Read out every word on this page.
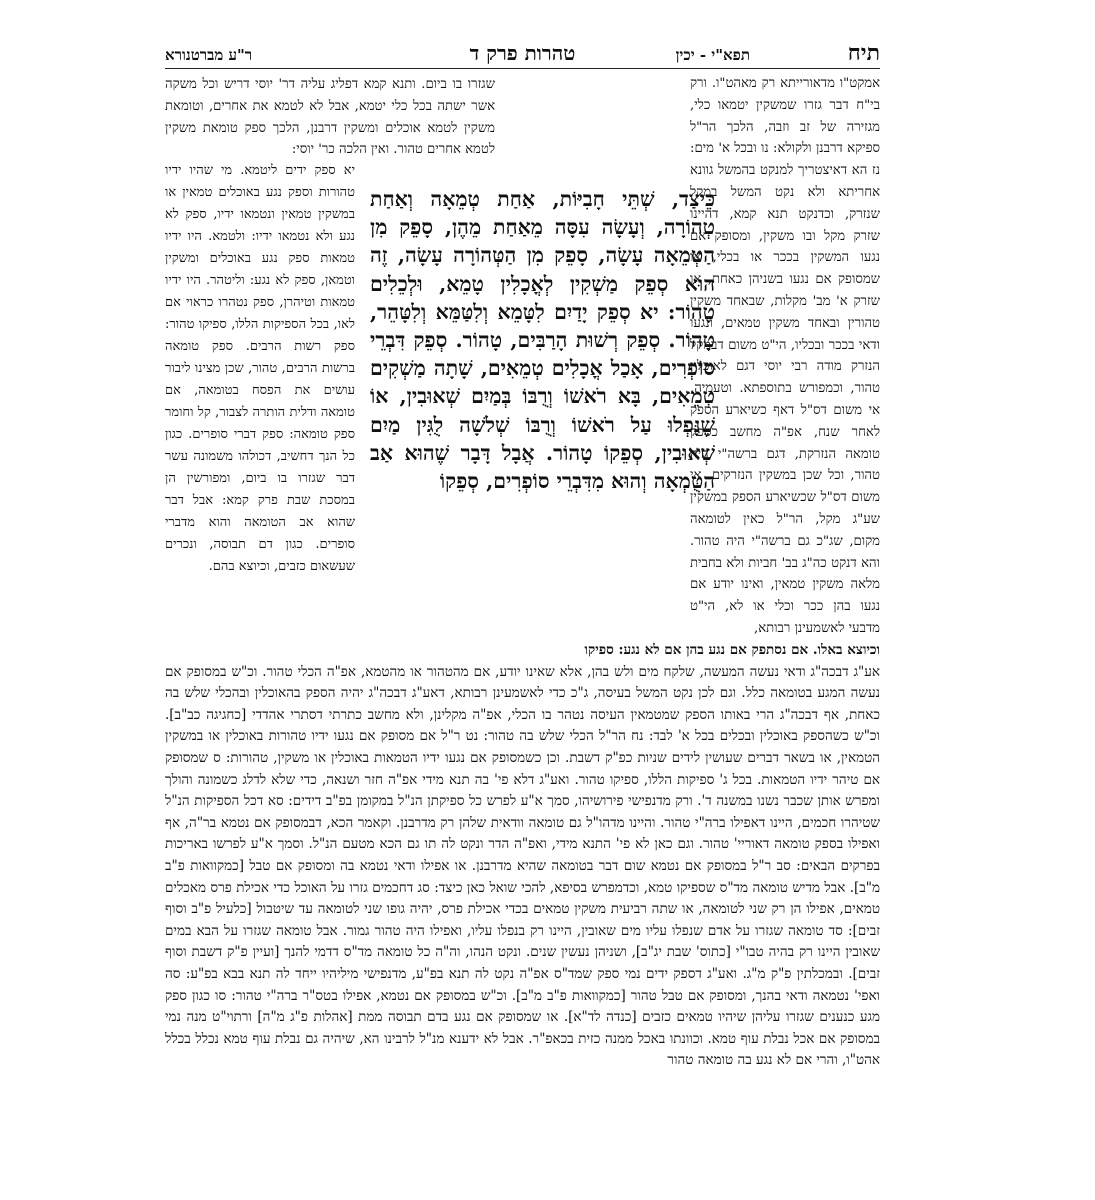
תיח
תפא"י - יכין
טהרות פרק ד
ר"ע מברטנורא

אמקט"ו מדאורייתא רק מאהט"ו. ורק בי"ח דבר גזרו שמשקין יטמאו כלי, מגזירה של זב וזבה, הלכך הר"ל ספיקא דרבנן ולקולא: נו ובכל א' מים: נז הא דאיצטריך למנקט בהמשל גוונא אחריתא ולא נקט המשל במקל שנזרק, וכדנקט תנא קמא, דהיינו שזרק מקל ובו משקין, ומסופק אם נגעו המשקין בככר או בכלי, או שמסופק אם נגעו בשניהן כאחת, או שזרק א' מב' מקלות, שבאחד משקין טהורין ובאחד משקין טמאים, ונגעו ודאי בככר ובכליו, הי"ט משום דבמקל הנזרק מודה רבי יוסי דגם לאוכלין טהור, וכמפורש בתוספתא. וטעמיה, אי משום דס"ל דאף כשיארע הספק לאחר שנח, אפ"ה מחשב כספק טומאה הנזרקת, דגם ברשה"י היה טהור, וכל שכן במשקין הנזרקים. אי משום דס"ל שכשיארע הספק במשקין שע"ג מקל, הר"ל כאין לטומאה מקום, שג"כ גם ברשה"י היה טהור. והא דנקט כה"ג בב' חביות ולא בחבית מלאה משקין טמאין, ואינו יודע אם נגעו בהן ככר וכלי או לא, הי"ט מדבעי לאשמעינן רבותא,

שגזרו בו ביום. ותנא קמא דפליג עליה דר' יוסי דריש וכל משקה אשר ישתה בכל כלי יטמא, אבל לא לטמא את אחרים, וטומאת משקין לטמא אוכלים ומשקין דרבנן, הלכך ספק טומאת משקין לטמא אחרים טהור. ואין הלכה כר' יוסי:

יא ספק ידים ליטמא. מי שהיו ידיו טהורות וספק נגע באוכלים טמאין או במשקין טמאין ונטמאו ידיו, ספק לא נגע ולא נטמאו ידיו: ולטמא. היו ידיו טמאות ספק נגע באוכלים ומשקין וטמאן, ספק לא נגע: וליטהר. היו ידיו טמאות וטיהרן, ספק נטהרו כראוי אם לאו, בכל הספיקות הללו, ספיקו טהור: ספק רשות הרבים. ספק טומאה ברשות הרבים, טהור, שכן מצינו ליבור עושים את הפסח בטומאה, אם טומאה ודלית הותרה לצבור, קל וחומר ספק טומאה: ספק דברי סופרים. כגון כל הנך דחשיב, דכולהו משמונה עשר דבר שגזרו בו ביום, ומפורשין הן במסכת שבת פרק קמא: אבל דבר שהוא אב הטומאה והוא מדברי סופרים. כגון דם תבוסה, ונכרים שעשאום כזבים, וכיוצא בהם.

כֵּיצַד, שְׁתֵּי חָבִיּוֹת, אַחַת טְמֵאָה וְאַחַת טְהוֹרָה, וְעָשָׂה עִסָּה מֵאַחַת מֵהֶן, סָפֵק מִן הַטְּמֵאָה עָשָׂה, סָפֵק מִן הַטְּהוֹרָה עָשָׂה, זֶה הוּא סְפֵק מַשְׁקִין לְאֳכָלִין טָמֵא, וּלְכֵלִים טָהוֹר: יא סְפֵק יָדַיִם לִטָּמֵא וְלִטַּמֵּא וְלִטָּהֵר, טָהוֹר. סְפֵק רְשׁוּת הָרַבִּים, טָהוֹר. סְפֵק דִּבְרֵי סוֹפְרִים, אָכַל אֳכָלִים טְמֵאִים, שָׁתָה מַשְׁקִים טְמֵאִים, בָּא רֹאשׁוֹ וְרֻבּוֹ בְּמַיִם שְׁאוּבִין, אוֹ שֶׁנָּפְלוּ עַל רֹאשׁוֹ וְרֻבּוֹ שְׁלשָׁה לֻגִּין מַיִם שְׁאוּבִין, סְפֵקוֹ טָהוֹר. אֲבָל דָּבָר שֶׁהוּא אַב הַטֻּמְאָה וְהוּא מִדִּבְרֵי סוֹפְרִים, סְפֵקוֹ

וכיוצא באלו. אם נסתפק אם נגע בהן אם לא נגע: ספיקו

אע"ג דבכה"ג ודאי נעשה המעשה, שלקח מים ולש בהן, אלא שאינו יודע, אם מהטהור או מהטמא, אפ"ה הכלי טהור. וכ"ש במסופק אם נעשה המגע בטומאה כלל. וגם לכן נקט המשל בעיסה, ג"כ כדי לאשמעינן רבותא, דאע"ג דבכה"ג יהיה הספק בהאוכלין ובהכלי שלש בה כאחת, אף דבכה"ג הרי באותו הספק שמטמאין העיסה נטהר בו הכלי, אפ"ה מקלינן, ולא מחשב כתרתי דסתרי אהדדי [כחגיגה כב"ב]. וכ"ש כשהספק באוכלין ובכלים בכל א' לבד: נח הר"ל הכלי שלש בה טהור: נט ר"ל אם מסופק אם נגעו ידיו טהורות באוכלין או במשקין הטמאין, או בשאר דברים שעושין לידים שניות כפ"ק דשבת. וכן כשמסופק אם נגעו ידיו הטמאות באוכלין או משקין, טהורות: ס שמסופק אם טיהר ידיו הטמאות. בכל ג' ספיקות הללו, ספיקו טהור. ואע"ג דלא פי' בה תנא מידי אפ"ה חזר ושנאה, כדי שלא לדלג כשמונה והולך ומפרש אותן שכבר נשנו במשנה ד'. ורק מדנפישי פירושיהו, סמך א"ע לפרש כל ספיקתן הנ"ל במקומן בפ"ב דידים: סא דכל הספיקות הנ"ל שטיהרו חכמים, היינו דאפילו ברה"י טהור. והיינו מדהו"ל גם טומאה וודאית שלהן רק מדרבנן. וקאמר הכא, דבמסופק אם נטמא בר"ה, אף ואפילו בספק טומאה דאוריי' טהור. וגם כאן לא פי' התנא מידי, ואפ"ה הדר ונקט לה תו גם הכא מטעם הנ"ל. וסמך א"ע לפרשו באריכות בפרקים הבאים: סב ר"ל במסופק אם נטמא שום דבר בטומאה שהיא מדרבנן. או אפילו ודאי נטמא בה ומסופק אם טבל [כמקוואות פ"ב מ"ב]. אבל מדיש טומאה מד"ס שספיקו טמא, וכדמפרש בסיפא, להכי שואל כאן כיצד: סג דחכמים גזרו על האוכל כדי אכילת פרס מאכלים טמאים, אפילו הן רק שני לטומאה, או שתה רביעית משקין טמאים בכדי אכילת פרס, יהיה גופו שני לטומאה עד שיטבול [כלעיל פ"ב וסוף זבים]: סד טומאה שגזרו על אדם שנפלו עליו מים שאובין, היינו רק בנפלו עליו, ואפילו היה טהור גמור. אבל טומאה שגזרו על הבא במים שאובין היינו רק בהיה טבו"י [כתוס' שבת יג"ב], ושניהן נעשין שנים. ונקט הנהו, וה"ה כל טומאה מד"ס דדמי להנך [ועיין פ"ק דשבת וסוף זבים]. ובמכלתין פ"ק מ"ג. ואע"ג דספק ידים נמי ספק שמד"ס אפ"ה נקט לה תנא בפ"ע, מדנפישי מיליהיו ייחד לה תנא בבא בפ"ע: סה ואפי' נטמאה ודאי בהנך, ומסופק אם טבל טהור [כמקוואות פ"ב מ"ב]. וכ"ש במסופק אם נטמא, אפילו בטס"ר ברה"י טהור: סו כגון ספק מגע כנענים שגזרו עליהן שיהיו טמאים כזבים [כנדה לד"א]. או שמסופק אם נגע בדם תבוסה ממת [אהלות פ"ג מ"ה] ורתוי"ט מנה נמי במסופק אם אכל נבלת עוף טמא. וכוונתו באכל ממנה כזית בכאפ"ר. אבל לא ידענא מנ"ל לרבינו הא, שיהיה גם נבלת עוף טמא נכלל בכלל אהט"ו, והרי אם לא נגע בה טומאה טהור
